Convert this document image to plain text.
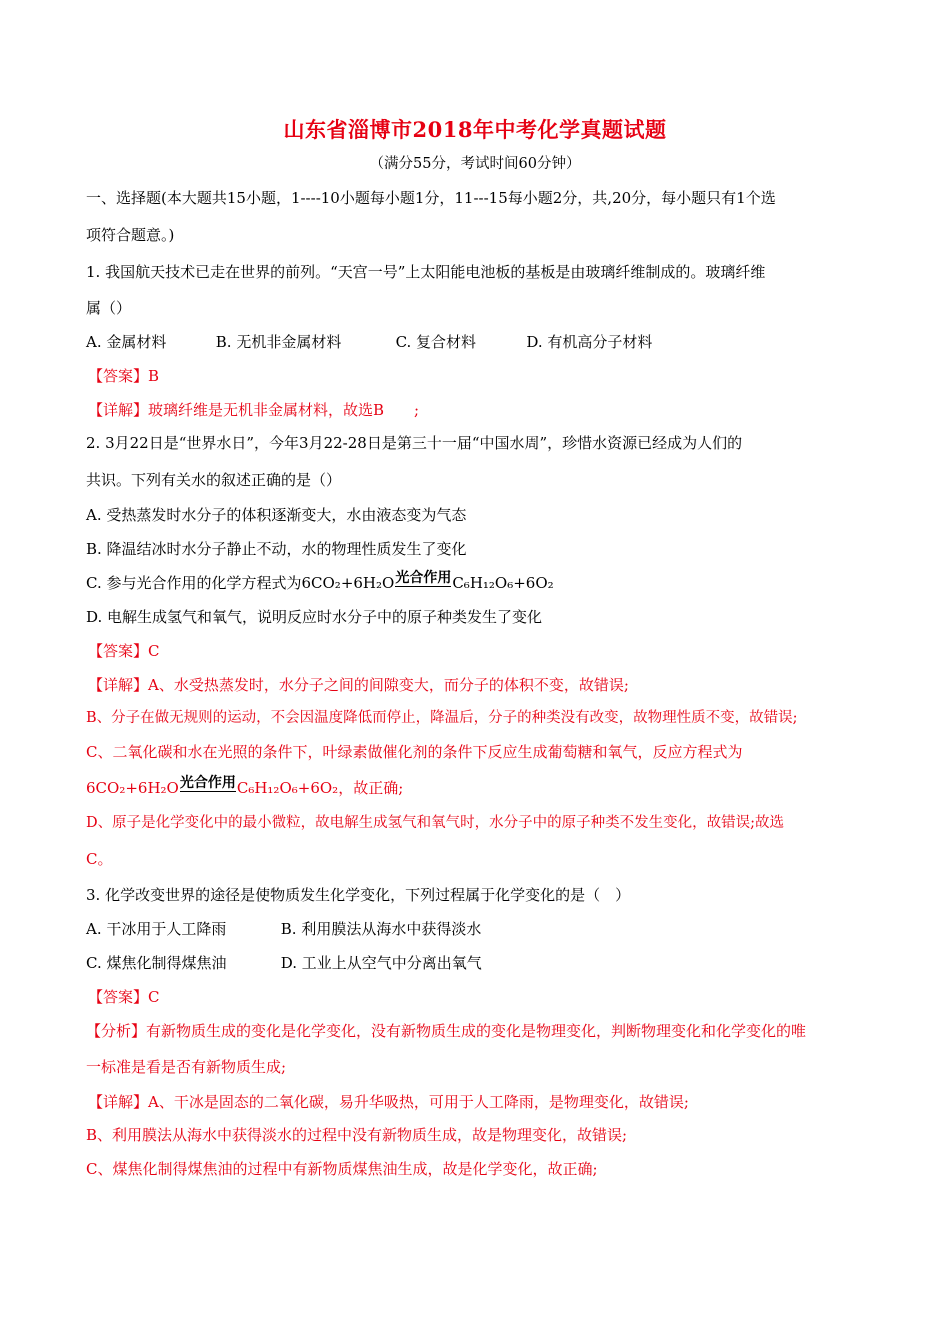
山东省淄博市2018年中考化学真题试题
（满分55分，考试时间60分钟）
一、选择题(本大题共15小题，1----10小题每小题1分，11---15每小题2分，共,20分，每小题只有1个选
项符合题意。)
1. 我国航天技术已走在世界的前列。“天宫一号”上太阳能电池板的基板是由玻璃纤维制成的。玻璃纤维
属（）
A. 金属材料	B. 无机非金属材料	C. 复合材料	D. 有机高分子材料
【答案】B
【详解】玻璃纤维是无机非金属材料，故选B　　;
2. 3月22日是“世界水日”，今年3月22-28日是第三十一届“中国水周”，珍惜水资源已经成为人们的
共识。下列有关水的叙述正确的是（）
A. 受热蒸发时水分子的体积逐渐变大，水由液态变为气态
B. 降温结冰时水分子静止不动，水的物理性质发生了变化
C. 参与光合作用的化学方程式为6CO₂+6H₂O光合作用C₆H₁₂O₆+6O₂
D. 电解生成氢气和氧气，说明反应时水分子中的原子种类发生了变化
【答案】C
【详解】A、水受热蒸发时，水分子之间的间隙变大，而分子的体积不变，故错误;
B、分子在做无规则的运动，不会因温度降低而停止，降温后，分子的种类没有改变，故物理性质不变，故错误;
C、二氧化碳和水在光照的条件下，叶绿素做催化剂的条件下反应生成葡萄糖和氧气，反应方程式为
6CO₂+6H₂O光合作用C₆H₁₂O₆+6O₂，故正确;
D、原子是化学变化中的最小微粒，故电解生成氢气和氧气时，水分子中的原子种类不发生变化，故错误;故选
C。
3. 化学改变世界的途径是使物质发生化学变化，下列过程属于化学变化的是（　）
A. 干冰用于人工降雨	B. 利用膜法从海水中获得淡水
C. 煤焦化制得煤焦油	D. 工业上从空气中分离出氧气
【答案】C
【分析】有新物质生成的变化是化学变化，没有新物质生成的变化是物理变化，判断物理变化和化学变化的唯
一标准是看是否有新物质生成;
【详解】A、干冰是固态的二氧化碳，易升华吸热，可用于人工降雨，是物理变化，故错误;
B、利用膜法从海水中获得淡水的过程中没有新物质生成，故是物理变化，故错误;
C、煤焦化制得煤焦油的过程中有新物质煤焦油生成，故是化学变化，故正确;
